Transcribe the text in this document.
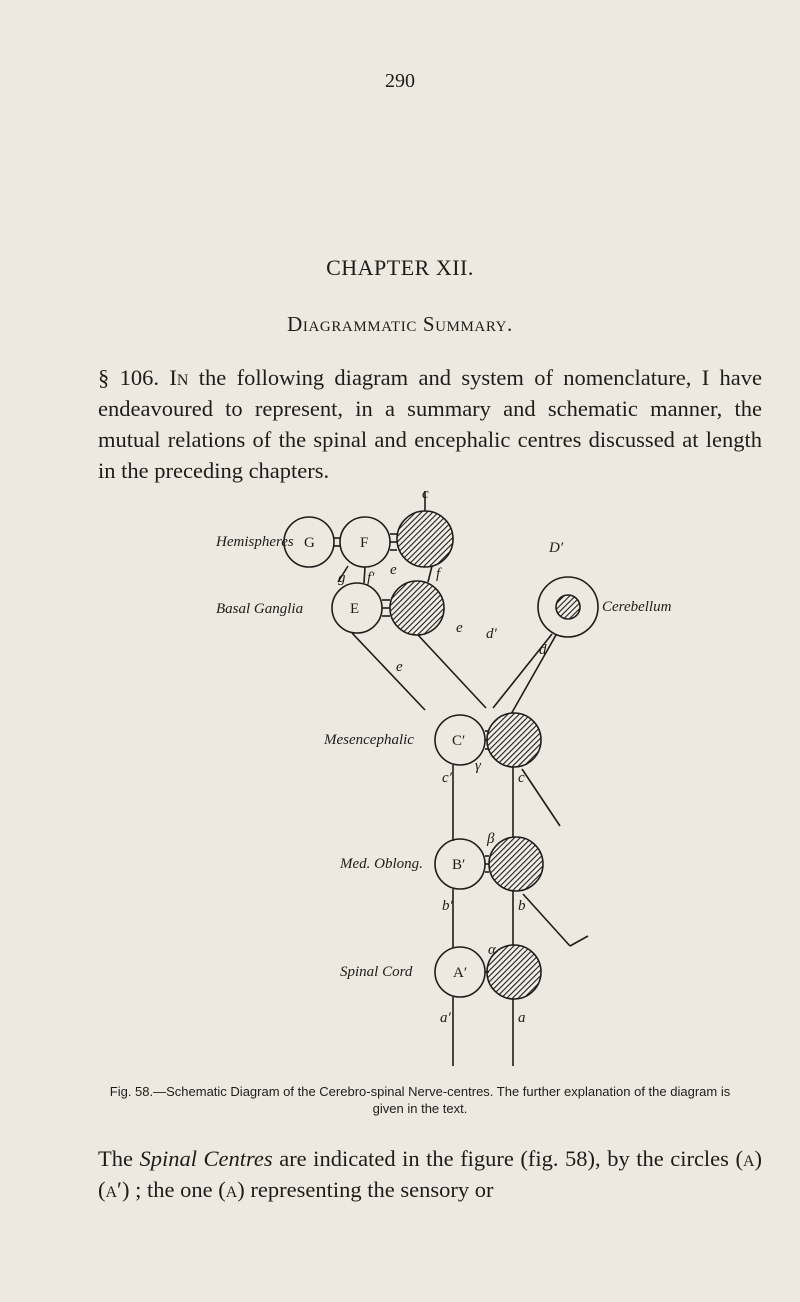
290
CHAPTER XII.
Diagrammatic Summary.
§ 106. In the following diagram and system of nomenclature, I have endeavoured to represent, in a summary and schematic manner, the mutual relations of the spinal and encephalic centres discussed at length in the preceding chapters.
G	F
E
C′
B′
A′
Hemispheres
Basal Ganglia
Mesencephalic
Med. Oblong.
Spinal Cord
Cerebellum
g f′ e	f
c
D′
e
e
d′
d
γ
c′	c
β
b′	b
α
a′	a
Fig. 58.—Schematic Diagram of the Cerebro-spinal Nerve-centres. The further explanation of the diagram is given in the text.
The Spinal Centres are indicated in the figure (fig. 58), by the circles (a) (a′) ; the one (a) representing the sensory or
